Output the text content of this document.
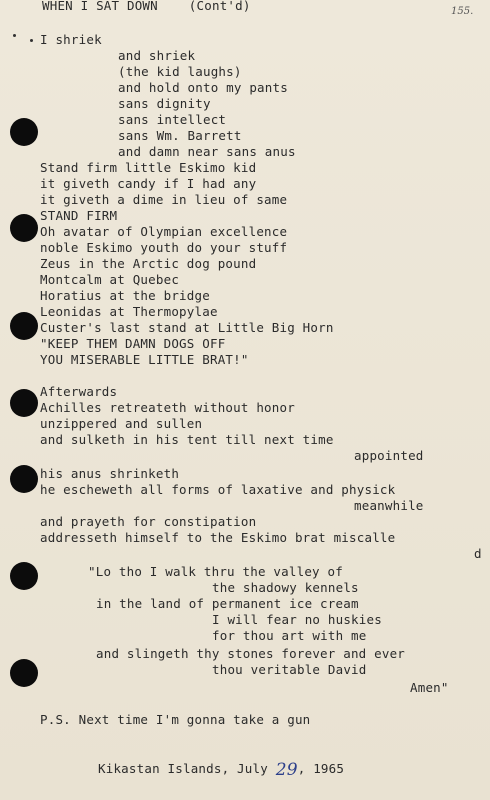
155.
WHEN I SAT DOWN    (Cont'd)
I shriek
and shriek
(the kid laughs)
and hold onto my pants
sans dignity
sans intellect
sans Wm. Barrett
and damn near sans anus
Stand firm little Eskimo kid
it giveth candy if I had any
it giveth a dime in lieu of same
STAND FIRM
Oh avatar of Olympian excellence
noble Eskimo youth do your stuff
Zeus in the Arctic dog pound
Montcalm at Quebec
Horatius at the bridge
Leonidas at Thermopylae
Custer's last stand at Little Big Horn
"KEEP THEM DAMN DOGS OFF
YOU MISERABLE LITTLE BRAT!"
Afterwards
Achilles retreateth without honor
unzippered and sullen
and sulketh in his tent till next time
appointed
his anus shrinketh
he escheweth all forms of laxative and physick
meanwhile
and prayeth for constipation
addresseth himself to the Eskimo brat miscalle
d
"Lo tho I walk thru the valley of
the shadowy kennels
in the land of permanent ice cream
I will fear no huskies
for thou art with me
and slingeth thy stones forever and ever
thou veritable David
Amen"
P.S. Next time I'm gonna take a gun
Kikastan Islands, July 29, 1965
